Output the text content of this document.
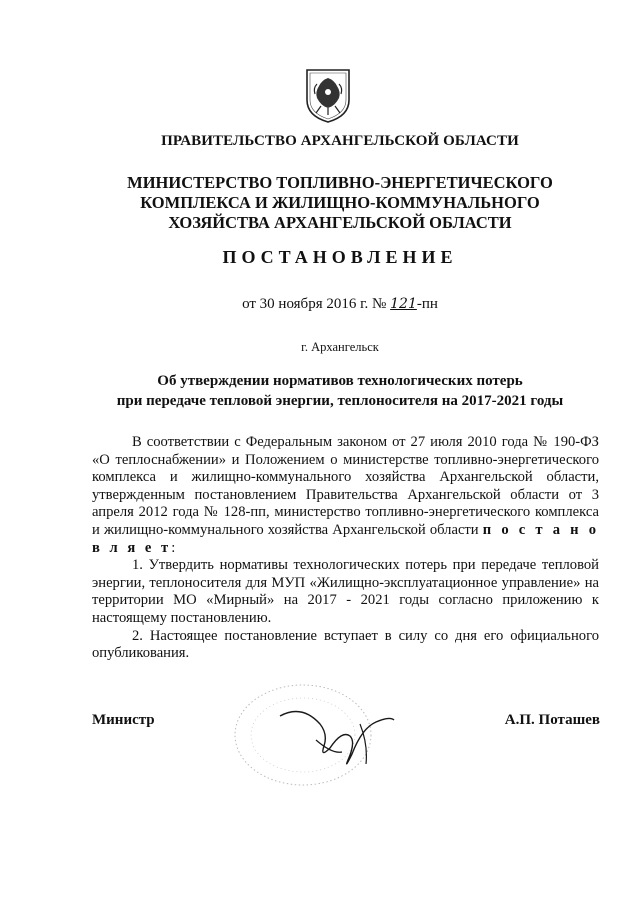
ПРАВИТЕЛЬСТВО АРХАНГЕЛЬСКОЙ ОБЛАСТИ
МИНИСТЕРСТВО ТОПЛИВНО-ЭНЕРГЕТИЧЕСКОГО
КОМПЛЕКСА И ЖИЛИЩНО-КОММУНАЛЬНОГО
ХОЗЯЙСТВА АРХАНГЕЛЬСКОЙ ОБЛАСТИ
ПОСТАНОВЛЕНИЕ
от 30 ноября 2016 г. № 121-пн
г. Архангельск
Об утверждении нормативов технологических потерь
при передаче тепловой энергии, теплоносителя на 2017-2021 годы

В соответствии с Федеральным законом от 27 июля 2010 года № 190-ФЗ «О теплоснабжении» и Положением о министерстве топливно-энергетического комплекса и жилищно-коммунального хозяйства Архангельской области, утвержденным постановлением Правительства Архангельской области от 3 апреля 2012 года № 128-пп, министерство топливно-энергетического комплекса и жилищно-коммунального хозяйства Архангельской области п о с т а н о в л я е т:

1. Утвердить нормативы технологических потерь при передаче тепловой энергии, теплоносителя для МУП «Жилищно-эксплуатационное управление» на территории МО «Мирный» на 2017 - 2021 годы согласно приложению к настоящему постановлению.

2. Настоящее постановление вступает в силу со дня его официального опубликования.

Министр	А.П. Поташев
